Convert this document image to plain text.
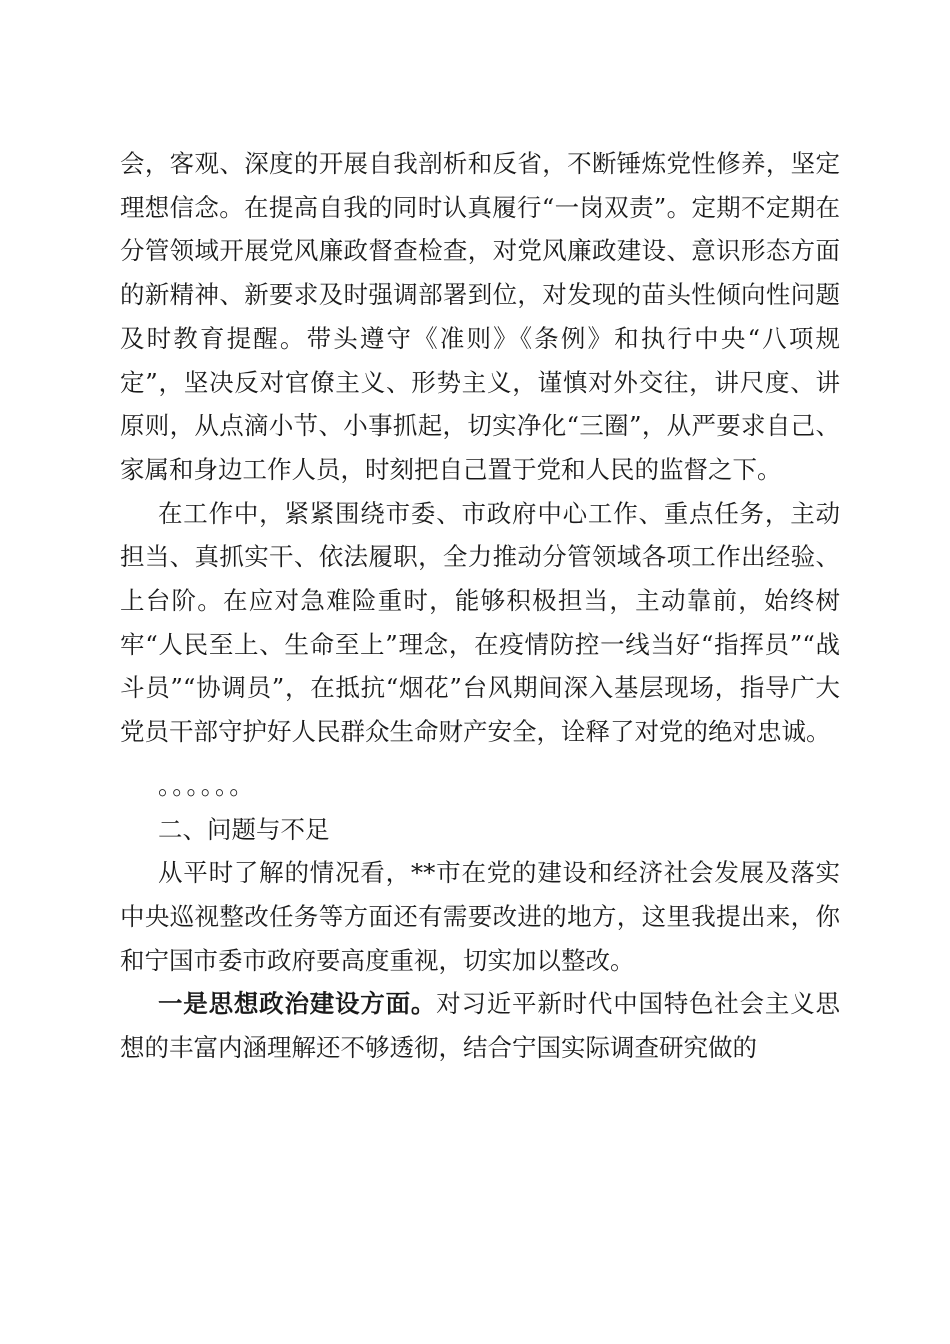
会，客观、深度的开展自我剖析和反省，不断锤炼党性修养，坚定理想信念。在提高自我的同时认真履行“一岗双责”。定期不定期在分管领域开展党风廉政督查检查，对党风廉政建设、意识形态方面的新精神、新要求及时强调部署到位，对发现的苗头性倾向性问题及时教育提醒。带头遵守《准则》《条例》和执行中央“八项规定”，坚决反对官僚主义、形势主义，谨慎对外交往，讲尺度、讲原则，从点滴小节、小事抓起，切实净化“三圈”，从严要求自己、家属和身边工作人员，时刻把自己置于党和人民的监督之下。

在工作中，紧紧围绕市委、市政府中心工作、重点任务，主动担当、真抓实干、依法履职，全力推动分管领域各项工作出经验、上台阶。在应对急难险重时，能够积极担当，主动靠前，始终树牢“人民至上、生命至上”理念，在疫情防控一线当好“指挥员”“战斗员”“协调员”，在抵抗“烟花”台风期间深入基层现场，指导广大党员干部守护好人民群众生命财产安全，诠释了对党的绝对忠诚。

。。。。。。

二、问题与不足

从平时了解的情况看，**市在党的建设和经济社会发展及落实中央巡视整改任务等方面还有需要改进的地方，这里我提出来，你和宁国市委市政府要高度重视，切实加以整改。

一是思想政治建设方面。对习近平新时代中国特色社会主义思想的丰富内涵理解还不够透彻，结合宁国实际调查研究做的
